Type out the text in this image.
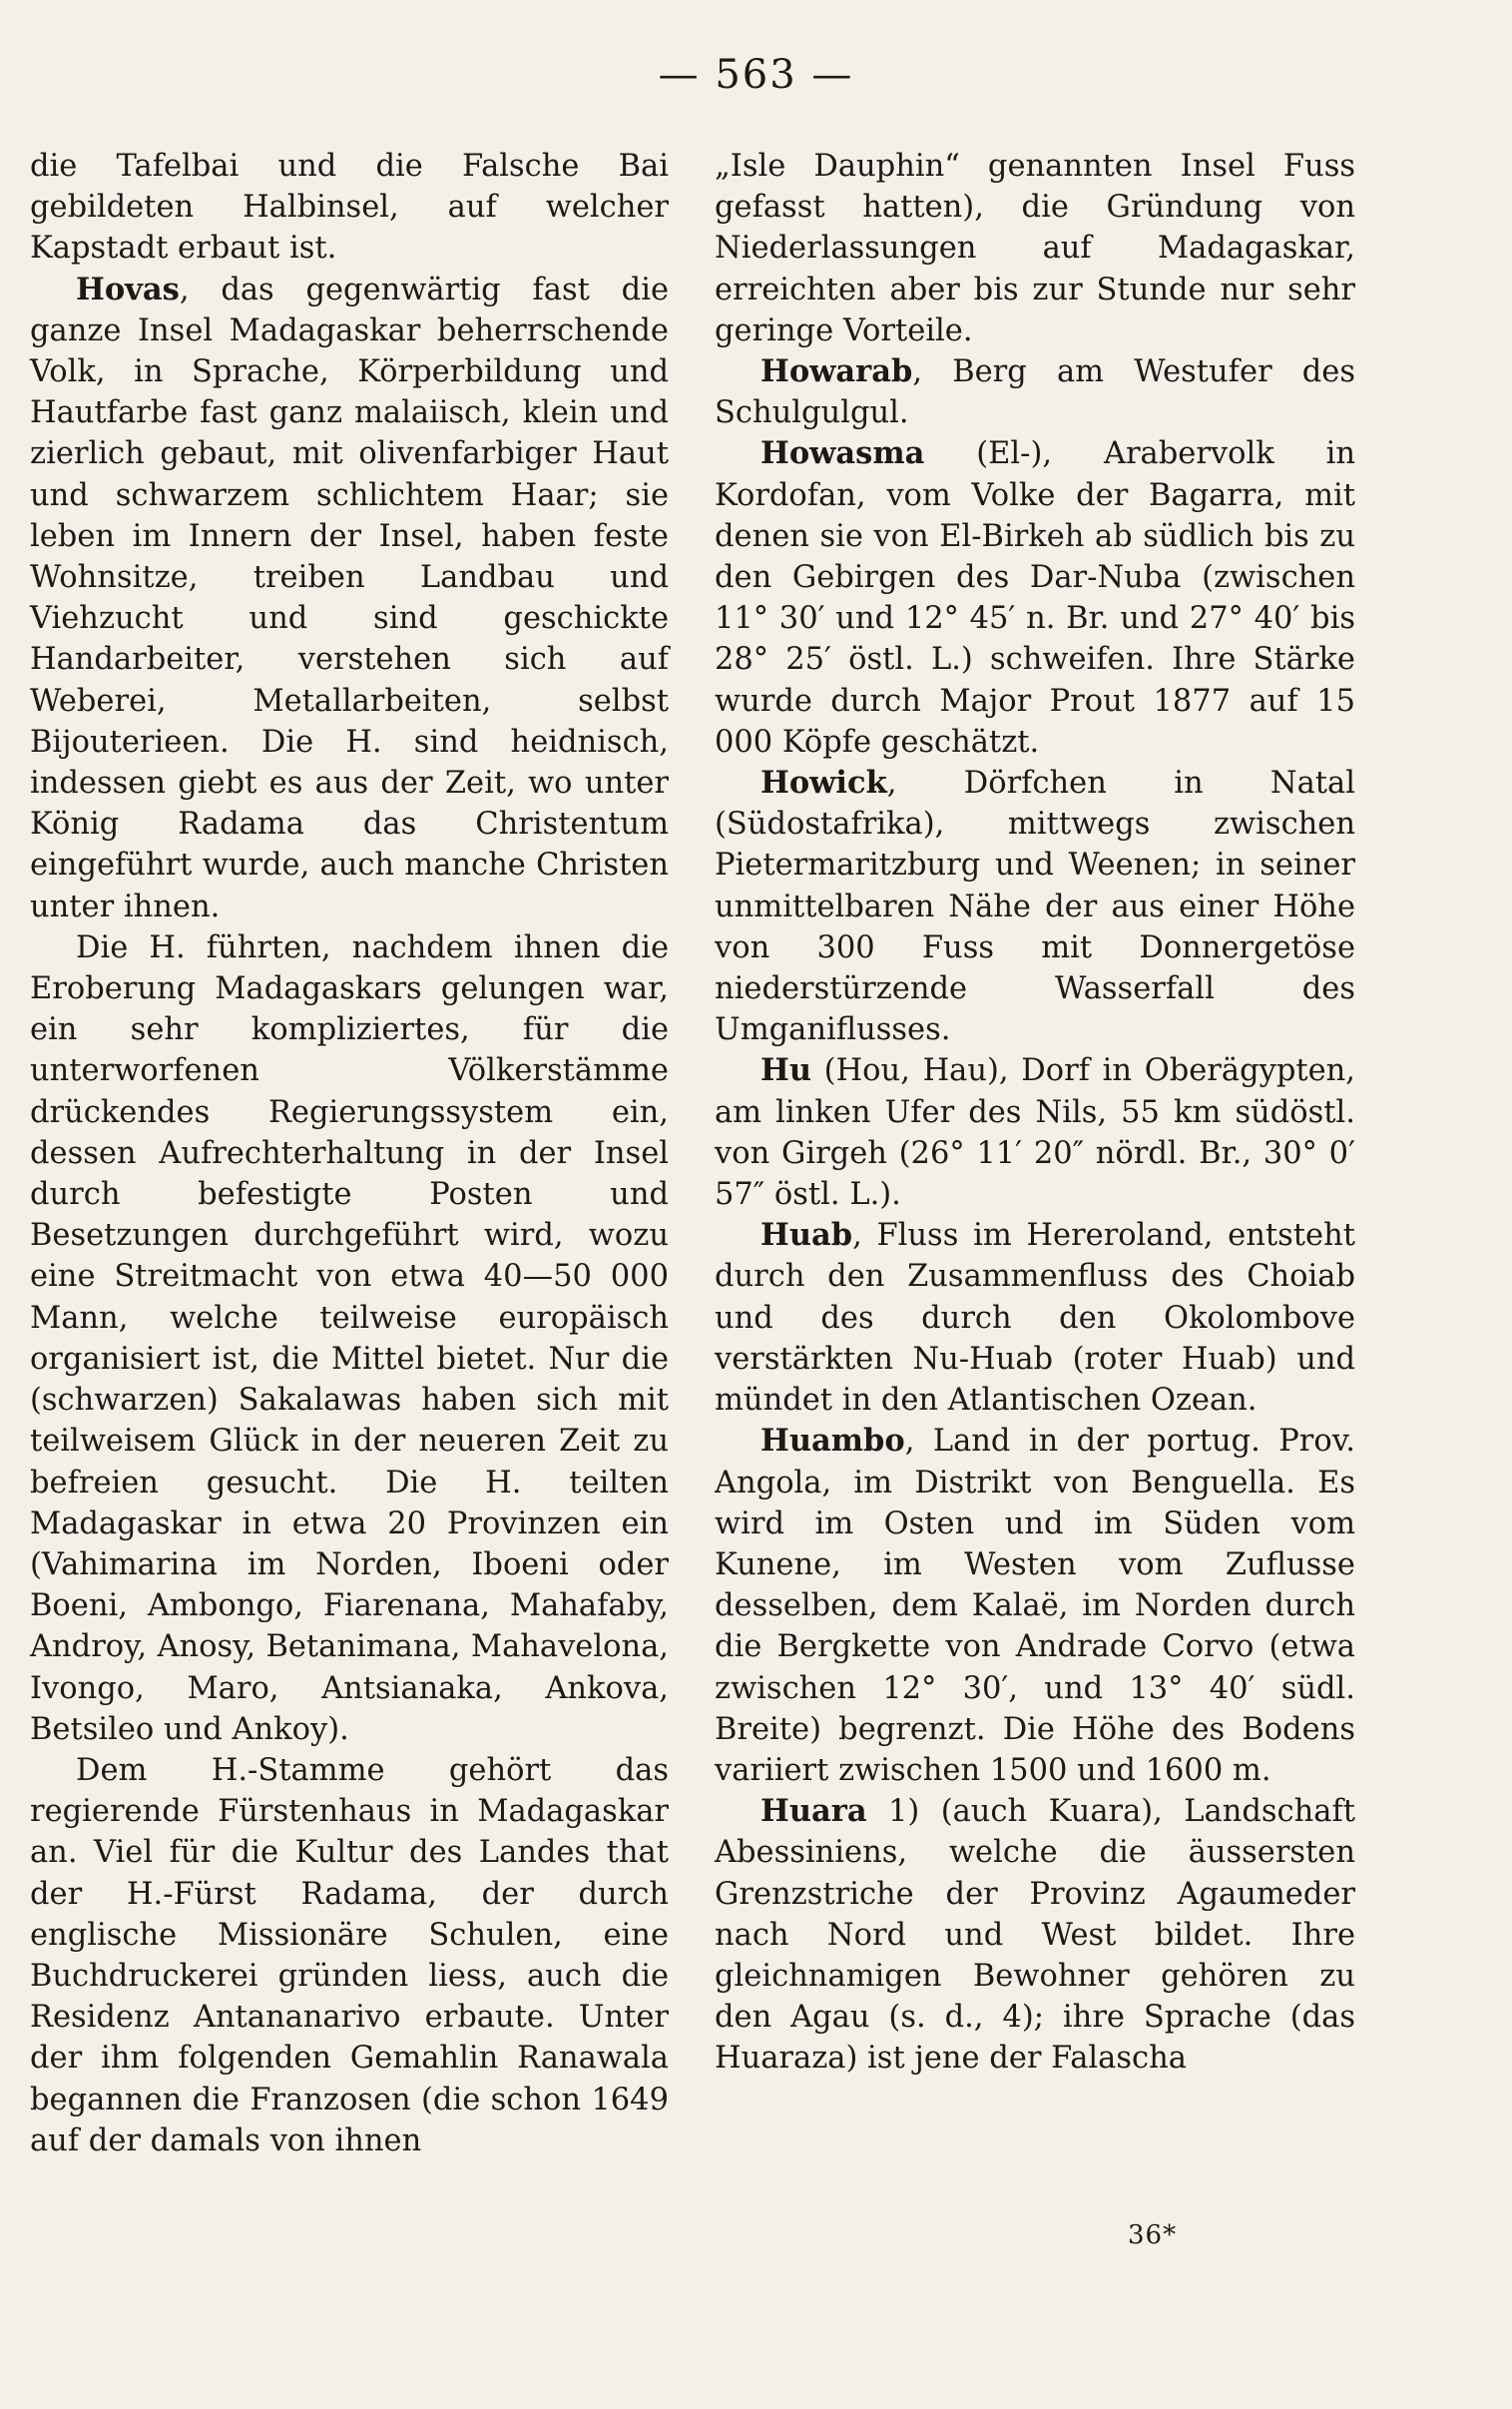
— 563 —

die Tafelbai und die Falsche Bai gebildeten Halbinsel, auf welcher Kapstadt erbaut ist.

Hovas, das gegenwärtig fast die ganze Insel Madagaskar beherrschende Volk, in Sprache, Körperbildung und Hautfarbe fast ganz malaiisch, klein und zierlich gebaut, mit olivenfarbiger Haut und schwarzem schlichtem Haar; sie leben im Innern der Insel, haben feste Wohnsitze, treiben Landbau und Viehzucht und sind geschickte Handarbeiter, verstehen sich auf Weberei, Metallarbeiten, selbst Bijouterieen. Die H. sind heidnisch, indessen giebt es aus der Zeit, wo unter König Radama das Christentum eingeführt wurde, auch manche Christen unter ihnen.

Die H. führten, nachdem ihnen die Eroberung Madagaskars gelungen war, ein sehr kompliziertes, für die unterworfenen Völkerstämme drückendes Regierungssystem ein, dessen Aufrechterhaltung in der Insel durch befestigte Posten und Besetzungen durchgeführt wird, wozu eine Streitmacht von etwa 40—50 000 Mann, welche teilweise europäisch organisiert ist, die Mittel bietet. Nur die (schwarzen) Sakalawas haben sich mit teilweisem Glück in der neueren Zeit zu befreien gesucht. Die H. teilten Madagaskar in etwa 20 Provinzen ein (Vahimarina im Norden, Iboeni oder Boeni, Ambongo, Fiarenana, Mahafaby, Androy, Anosy, Betanimana, Mahavelona, Ivongo, Maro, Antsianaka, Ankova, Betsileo und Ankoy).

Dem H.-Stamme gehört das regierende Fürstenhaus in Madagaskar an. Viel für die Kultur des Landes that der H.-Fürst Radama, der durch englische Missionäre Schulen, eine Buchdruckerei gründen liess, auch die Residenz Antananarivo erbaute. Unter der ihm folgenden Gemahlin Ranawala begannen die Franzosen (die schon 1649 auf der damals von ihnen

„Isle Dauphin“ genannten Insel Fuss gefasst hatten), die Gründung von Niederlassungen auf Madagaskar, erreichten aber bis zur Stunde nur sehr geringe Vorteile.

Howarab, Berg am Westufer des Schulgulgul.

Howasma (El-), Arabervolk in Kordofan, vom Volke der Bagarra, mit denen sie von El-Birkeh ab südlich bis zu den Gebirgen des Dar-Nuba (zwischen 11° 30′ und 12° 45′ n. Br. und 27° 40′ bis 28° 25′ östl. L.) schweifen. Ihre Stärke wurde durch Major Prout 1877 auf 15 000 Köpfe geschätzt.

Howick, Dörfchen in Natal (Südostafrika), mittwegs zwischen Pietermaritzburg und Weenen; in seiner unmittelbaren Nähe der aus einer Höhe von 300 Fuss mit Donnergetöse niederstürzende Wasserfall des Umganiflusses.

Hu (Hou, Hau), Dorf in Oberägypten, am linken Ufer des Nils, 55 km südöstl. von Girgeh (26° 11′ 20″ nördl. Br., 30° 0′ 57″ östl. L.).

Huab, Fluss im Hereroland, entsteht durch den Zusammenfluss des Choiab und des durch den Okolombove verstärkten Nu-Huab (roter Huab) und mündet in den Atlantischen Ozean.

Huambo, Land in der portug. Prov. Angola, im Distrikt von Benguella. Es wird im Osten und im Süden vom Kunene, im Westen vom Zuflusse desselben, dem Kalaë, im Norden durch die Bergkette von Andrade Corvo (etwa zwischen 12° 30′, und 13° 40′ südl. Breite) begrenzt. Die Höhe des Bodens variiert zwischen 1500 und 1600 m.

Huara 1) (auch Kuara), Landschaft Abessiniens, welche die äussersten Grenzstriche der Provinz Agaumeder nach Nord und West bildet. Ihre gleichnamigen Bewohner gehören zu den Agau (s. d., 4); ihre Sprache (das Huaraza) ist jene der Falascha

36*
